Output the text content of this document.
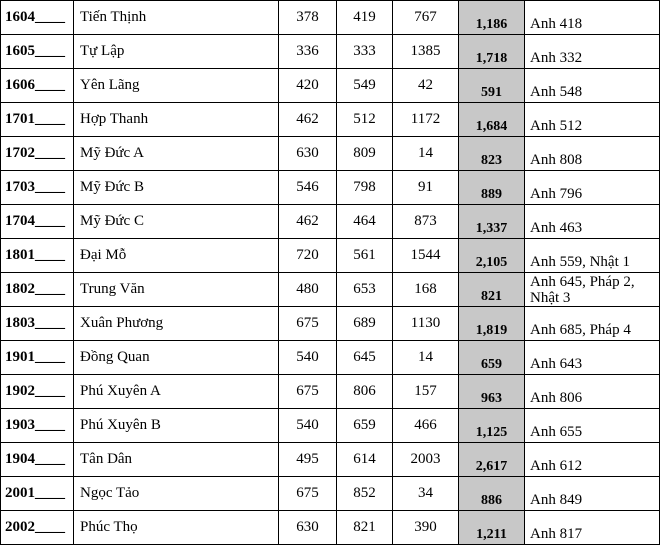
1604____	Tiến Thịnh	378	419	767	1,186	Anh 418
1605____	Tự Lập	336	333	1385	1,718	Anh 332
1606____	Yên Lãng	420	549	42	591	Anh 548
1701____	Hợp Thanh	462	512	1172	1,684	Anh 512
1702____	Mỹ Đức A	630	809	14	823	Anh 808
1703____	Mỹ Đức B	546	798	91	889	Anh 796
1704____	Mỹ Đức C	462	464	873	1,337	Anh 463
1801____	Đại Mỗ	720	561	1544	2,105	Anh 559, Nhật 1
1802____	Trung Văn	480	653	168	821	Anh 645, Pháp 2, Nhật 3
1803____	Xuân Phương	675	689	1130	1,819	Anh 685, Pháp 4
1901____	Đồng Quan	540	645	14	659	Anh 643
1902____	Phú Xuyên A	675	806	157	963	Anh 806
1903____	Phú Xuyên B	540	659	466	1,125	Anh 655
1904____	Tân Dân	495	614	2003	2,617	Anh 612
2001____	Ngọc Tảo	675	852	34	886	Anh 849
2002____	Phúc Thọ	630	821	390	1,211	Anh 817
